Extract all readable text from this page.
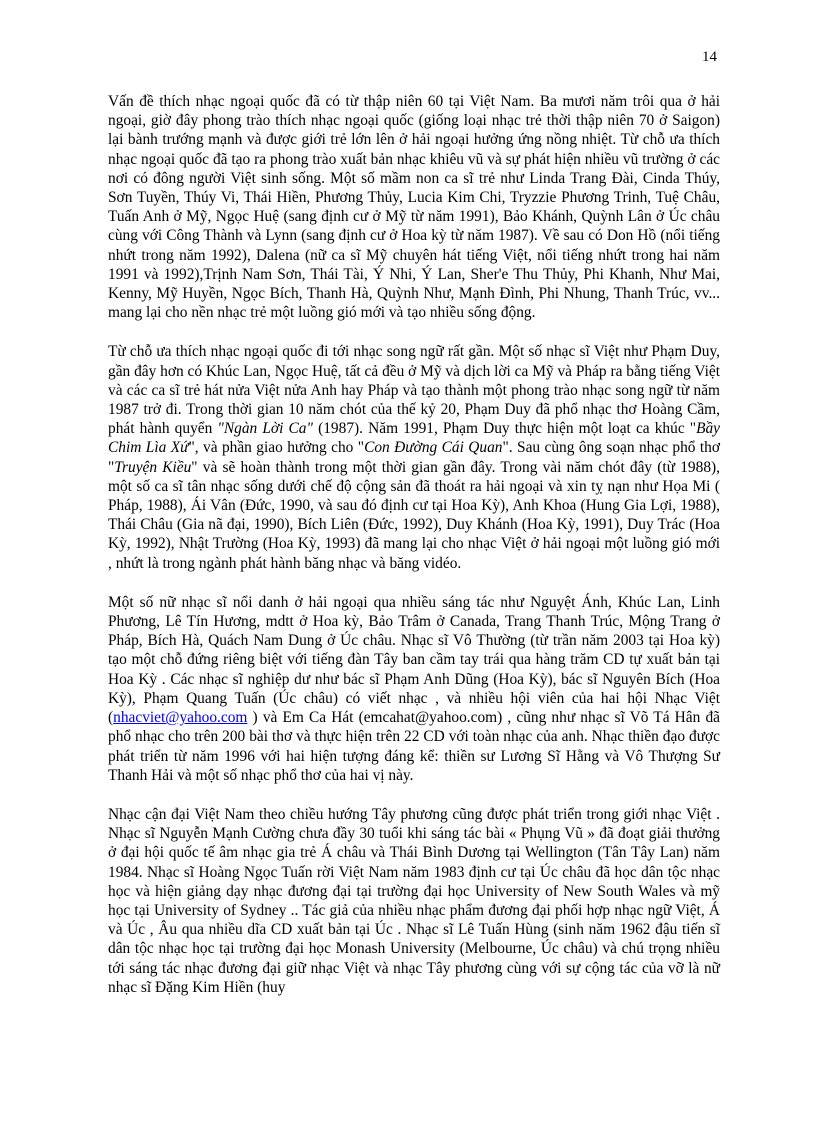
14

Vấn đề thích nhạc ngoại quốc đã có từ thập niên 60 tại Việt Nam. Ba mươi năm trôi qua ở hải ngoại, giờ đây phong trào thích nhạc ngoại quốc (giống loại nhạc trẻ thời thập niên 70 ở Saigon) lại bành trướng mạnh và được giới trẻ lớn lên ở hải ngoại hưởng ứng nồng nhiệt. Từ chỗ ưa thích nhạc ngoại quốc đã tạo ra phong trào xuất bản nhạc khiêu vũ và sự phát hiện nhiều vũ trường ở các nơi có đông người Việt sinh sống. Một số mầm non ca sĩ trẻ như Linda Trang Đài, Cinda Thúy, Sơn Tuyền, Thúy Vi, Thái Hiền, Phương Thủy, Lucia Kim Chi, Tryzzie Phương Trinh, Tuệ Châu, Tuấn Anh ở Mỹ, Ngọc Huệ (sang định cư ở Mỹ từ năm 1991), Bảo Khánh, Quỳnh Lân ở Úc châu cùng với Công Thành và Lynn (sang định cư ở Hoa kỳ từ năm 1987). Về sau có Don Hồ (nổi tiếng nhứt trong năm 1992), Dalena (nữ ca sĩ Mỹ chuyên hát tiếng Việt, nổi tiếng nhứt trong hai năm 1991 và 1992),Trịnh Nam Sơn, Thái Tài, Ý Nhi, Ý Lan, Sher'e Thu Thủy, Phi Khanh, Như Mai, Kenny, Mỹ Huyền, Ngọc Bích, Thanh Hà, Quỳnh Như, Mạnh Đình, Phi Nhung, Thanh Trúc, vv... mang lại cho nền nhạc trẻ một luồng gió mới và tạo nhiều sống động.

Từ chỗ ưa thích nhạc ngoại quốc đi tới nhạc song ngữ rất gần. Một số nhạc sĩ Việt như Phạm Duy, gần đây hơn có Khúc Lan, Ngọc Huệ, tất cả đều ở Mỹ và dịch lời ca Mỹ và Pháp ra bằng tiếng Việt và các ca sĩ trẻ hát nửa Việt nửa Anh hay Pháp và tạo thành một phong trào nhạc song ngữ từ năm 1987 trở đi. Trong thời gian 10 năm chót của thế kỷ 20, Phạm Duy đã phổ nhạc thơ Hoàng Cầm, phát hành quyển "Ngàn Lời Ca" (1987). Năm 1991, Phạm Duy thực hiện một loạt ca khúc "Bầy Chim Lìa Xứ", và phần giao hưởng cho "Con Đường Cái Quan". Sau cùng ông soạn nhạc phổ thơ "Truyện Kiều" và sẽ hoàn thành trong một thời gian gần đây. Trong vài năm chót đây (từ 1988), một số ca sĩ tân nhạc sống dưới chế độ cộng sản đã thoát ra hải ngoại và xin tỵ nạn như Họa Mi ( Pháp, 1988), Ái Vân (Đức, 1990, và sau đó định cư tại Hoa Kỳ), Anh Khoa (Hung Gia Lợi, 1988), Thái Châu (Gia nã đại, 1990), Bích Liên (Đức, 1992), Duy Khánh (Hoa Kỳ, 1991), Duy Trác (Hoa Kỳ, 1992), Nhật Trường (Hoa Kỳ, 1993) đã mang lại cho nhạc Việt ở hải ngoại một luồng gió mới , nhứt là trong ngành phát hành băng nhạc và băng vidéo.

Một số nữ nhạc sĩ nổi danh ở hải ngoại qua nhiều sáng tác như Nguyệt Ánh, Khúc Lan, Linh Phương, Lê Tín Hương, mdtt ở Hoa kỳ, Bảo Trâm ở Canada, Trang Thanh Trúc, Mộng Trang ở Pháp, Bích Hà, Quách Nam Dung ở Úc châu. Nhạc sĩ Vô Thường (từ trần năm 2003 tại Hoa kỳ) tạo một chỗ đứng riêng biệt với tiếng đàn Tây ban cầm tay trái qua hàng trăm CD tự xuất bản tại Hoa Kỳ . Các nhạc sĩ nghiệp dư như bác sĩ Phạm Anh Dũng (Hoa Kỳ), bác sĩ Nguyên Bích (Hoa Kỳ), Phạm Quang Tuấn (Úc châu) có viết nhạc , và nhiều hội viên của hai hội Nhạc Việt (nhacviet@yahoo.com ) và Em Ca Hát (emcahat@yahoo.com) , cũng như nhạc sĩ Võ Tá Hân đã phổ nhạc cho trên 200 bài thơ và thực hiện trên 22 CD với toàn nhạc của anh. Nhạc thiền đạo được phát triển từ năm 1996 với hai hiện tượng đáng kể: thiền sư Lương Sĩ Hằng và Vô Thượng Sư Thanh Hải và một số nhạc phổ thơ của hai vị này.

Nhạc cận đại Việt Nam theo chiều hướng Tây phương cũng được phát triển trong giới nhạc Việt . Nhạc sĩ Nguyễn Mạnh Cường chưa đầy 30 tuổi khi sáng tác bài « Phụng Vũ » đã đoạt giải thưởng ở đại hội quốc tế âm nhạc gia trẻ Á châu và Thái Bình Dương tại Wellington (Tân Tây Lan) năm 1984. Nhạc sĩ Hoàng Ngọc Tuấn rời Việt Nam năm 1983 định cư tại Úc châu đã học dân tộc nhạc học và hiện giảng dạy nhạc đương đại tại trường đại học University of New South Wales và mỹ học tại University of Sydney .. Tác giả của nhiều nhạc phẩm đương đại phối hợp nhạc ngữ Việt, Á và Úc , Âu qua nhiều dĩa CD xuất bản tại Úc . Nhạc sĩ Lê Tuấn Hùng (sinh năm 1962 đậu tiến sĩ dân tộc nhạc học tại trường đại học Monash University (Melbourne, Úc châu) và chú trọng nhiều tới sáng tác nhạc đương đại giữ nhạc Việt và nhạc Tây phương cùng với sự cộng tác của vỡ là nữ nhạc sĩ Đặng Kim Hiền (huy
